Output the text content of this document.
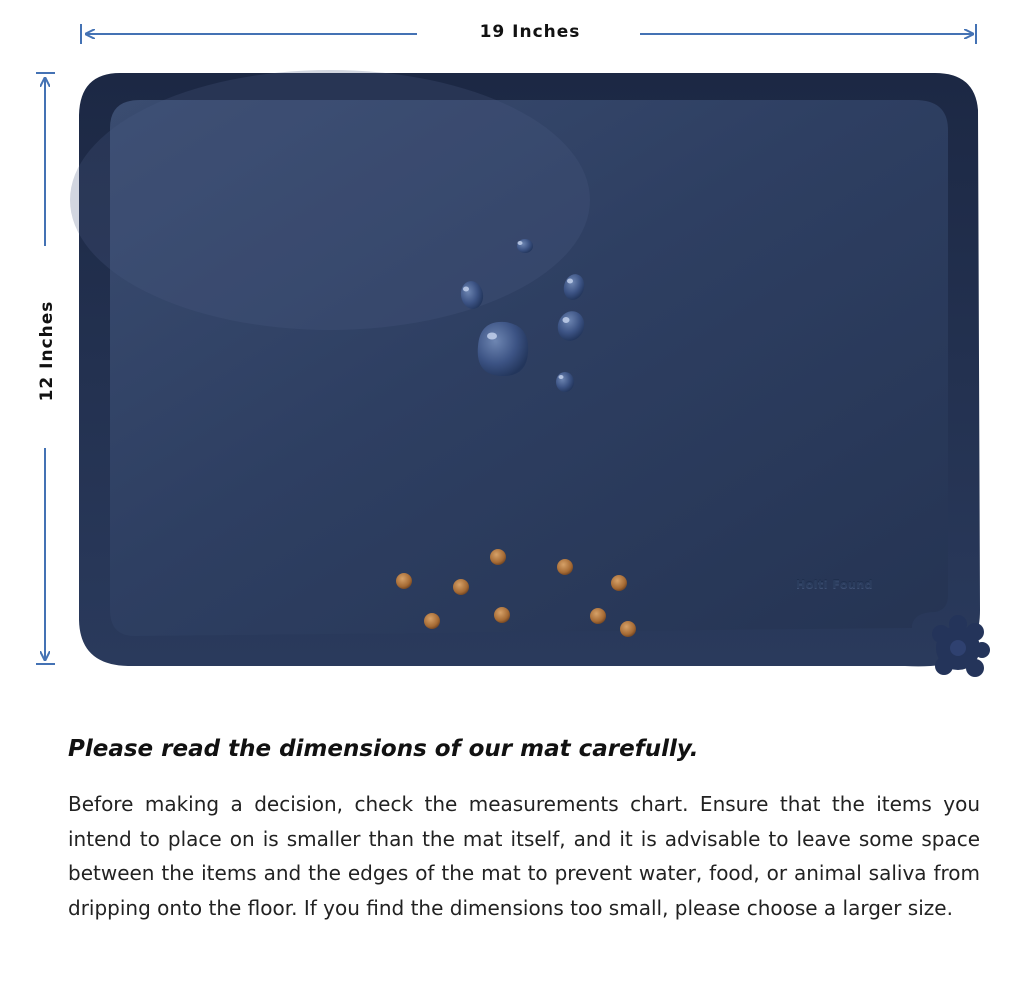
19 Inches
12 Inches
Holti Found
Please read the dimensions of our mat carefully.

Before making a decision, check the measurements chart. Ensure that the items you intend to place on is smaller than the mat itself, and it is advisable to leave some space between the items and the edges of the mat to prevent water, food, or animal saliva from dripping onto the floor. If you find the dimensions too small, please choose a larger size.
